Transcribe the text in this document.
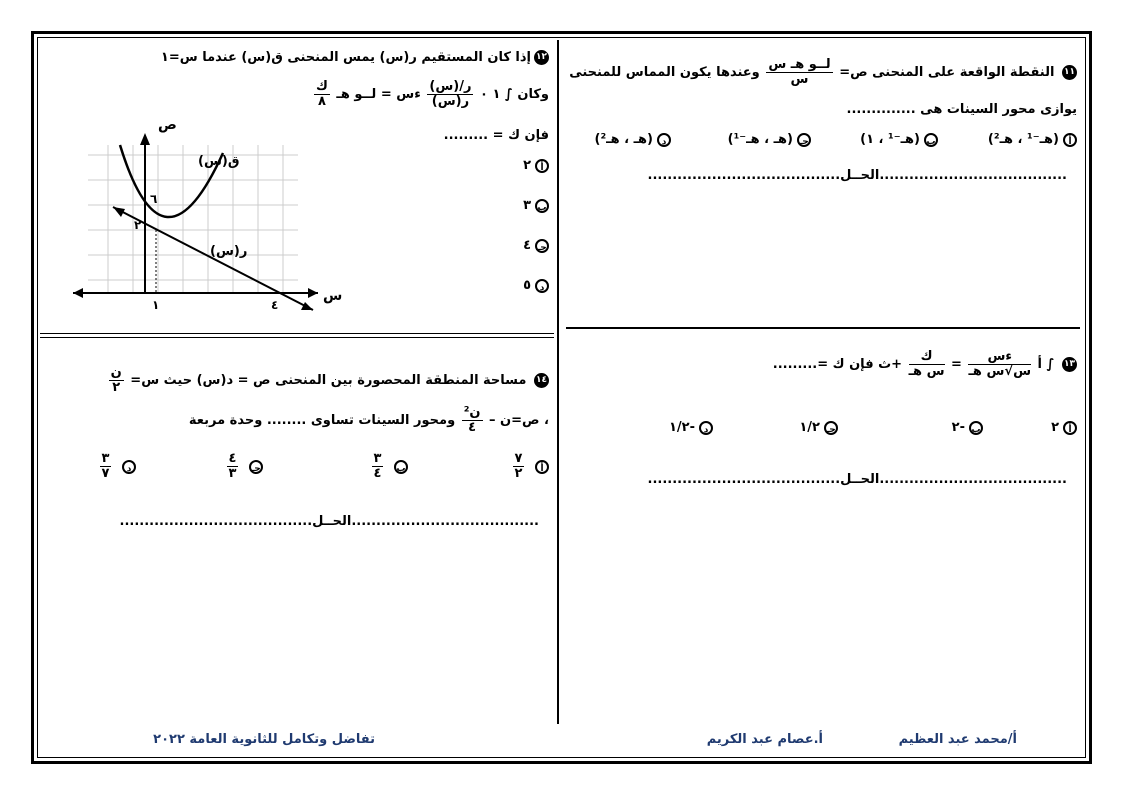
١١ النقطة الواقعة على المنحنى ص=
$\frac{\text{لــو هـ س}}{\text{س}}$
وعندها يكون المماس للمنحنى
يوازى محور السينات هى ..............
أ(هـ⁻¹ ، هـ²)
ب(هـ⁻¹ ، ١)
جـ(هـ ، هـ⁻¹)
د(هـ ، هـ²)
......................................الحــل.......................................
١٢إذا كان المستقيم ر(س) يمس المنحنى ق(س) عندما س=١
وكان ∫ ١ ٠
$\frac{\text{ر/(س)}}{\text{ر(س)}}$
ءس = لــو هـ
$\frac{\text{ك}}{٨}$
فإن ك = .........
أ٢
ب٣
جـ٤
د٥
ص
س
ق(س)
ر(س)
٦
٢
١	٤
١٣ ∫ أ
$\frac{\text{ءس}}{\text{س√س هـ}}$
=
$\frac{\text{ك}}{\text{س هـ}}$
+ث فإن ك =.........
أ٢
ب-٢
جـ١/٢
د-١/٢
......................................الحــل.......................................
١٤ مساحة المنطقة المحصورة بين المنحنى ص = د(س) حيث س=
$\frac{\text{ن}}{٢}$
، ص=ن –
$\frac{\text{ن²}}{٤}$
ومحور السينات تساوى ........ وحدة مربعة
أ
$\frac{٧}{٢}$
ب
$\frac{٣}{٤}$
جـ
$\frac{٤}{٣}$
د
$\frac{٣}{٧}$
......................................الحــل.......................................
أ/محمد عبد العظيم
أ.عصام عبد الكريم
تفاضل وتكامل للثانوية العامة ٢٠٢٢
